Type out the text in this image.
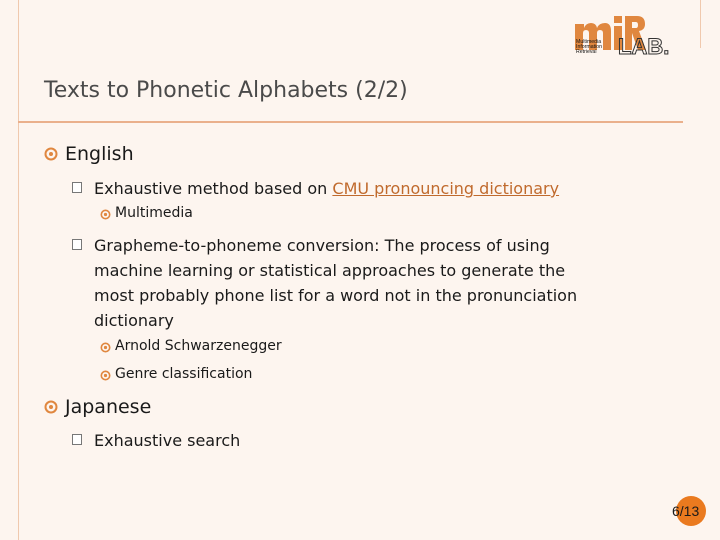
Multimedia
Information
Retrieval LAB.
Texts to Phonetic Alphabets (2/2)
English
Exhaustive method based on CMU pronouncing dictionary
Multimedia
Grapheme-to-phoneme conversion: The process of using
machine learning or statistical approaches to generate the
most probably phone list for a word not in the pronunciation
dictionary
Arnold Schwarzenegger
Genre classification
Japanese
Exhaustive search
6/13
